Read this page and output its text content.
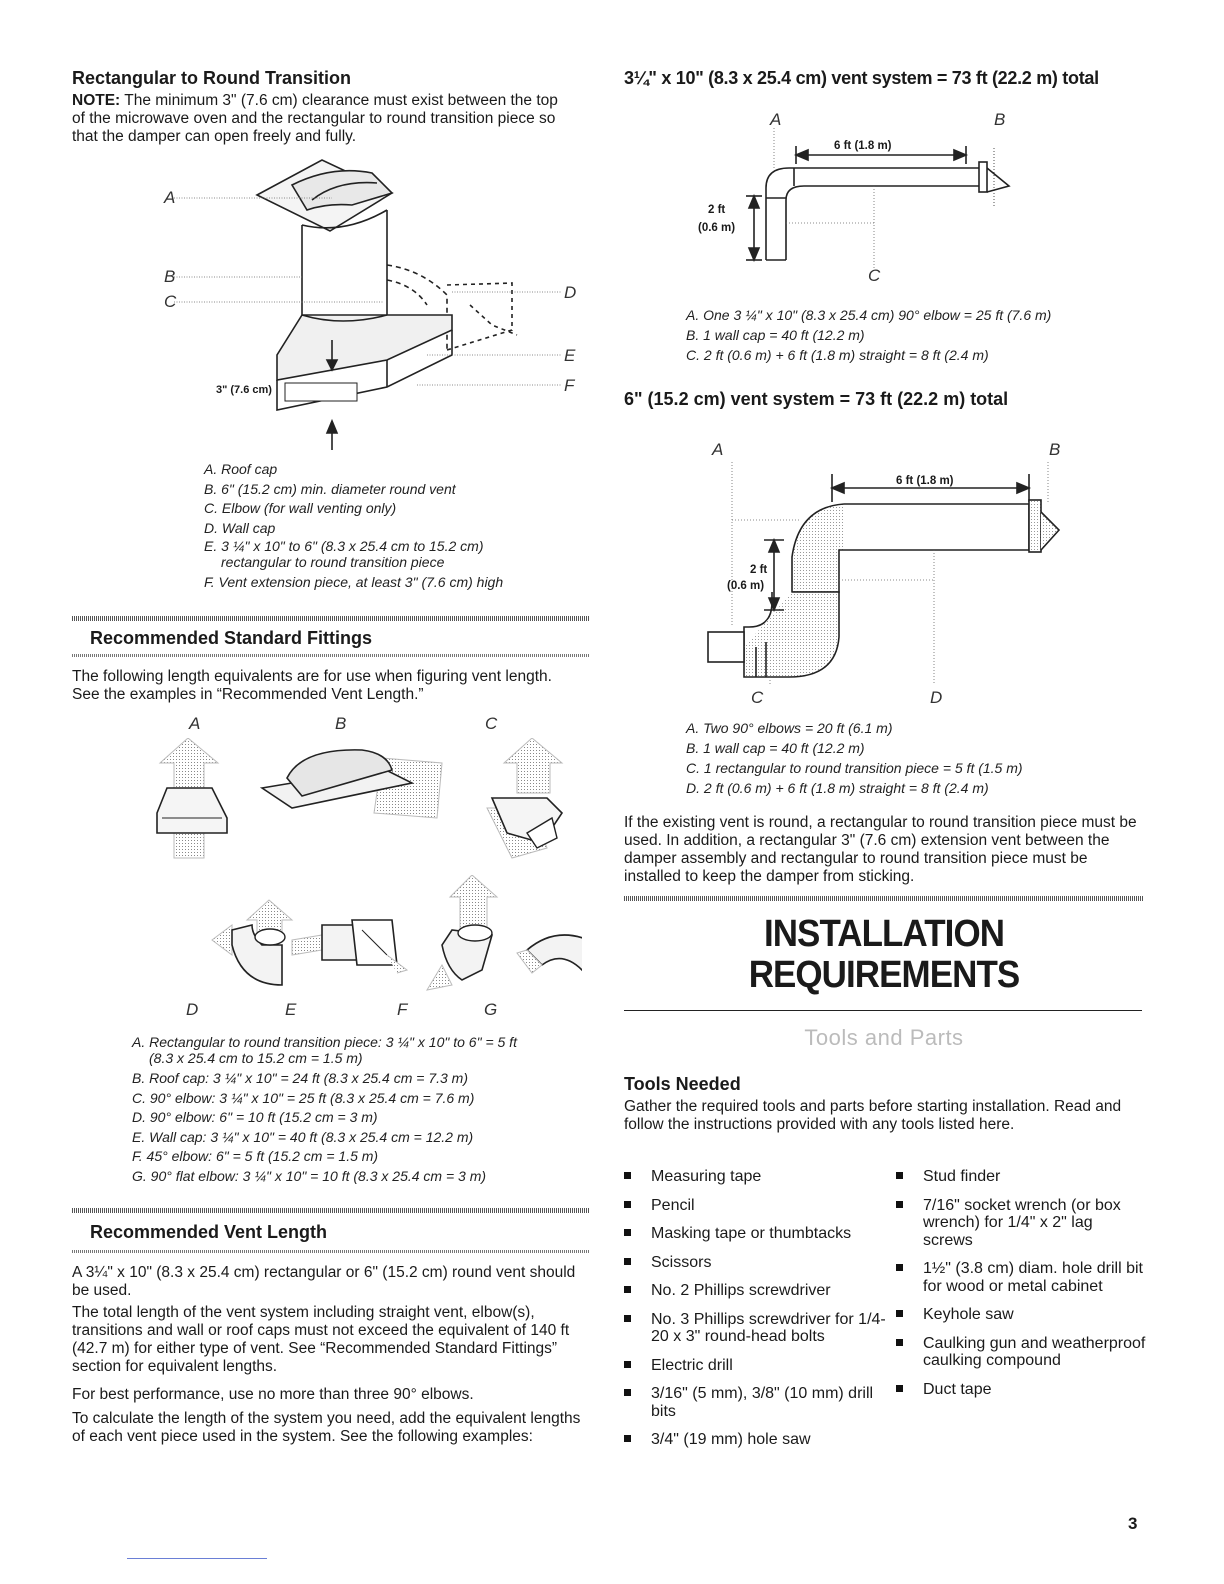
Rectangular to Round Transition

NOTE: The minimum 3" (7.6 cm) clearance must exist between the top of the microwave oven and the rectangular to round transition piece so that the damper can open freely and fully.

A
B
C	D
E
F
3" (7.6 cm)
A. Roof cap
B. 6" (15.2 cm) min. diameter round vent
C. Elbow (for wall venting only)
D. Wall cap
E. 3 ¼" x 10" to 6" (8.3 x 25.4 cm to 15.2 cm)
rectangular to round transition piece
F. Vent extension piece, at least 3" (7.6 cm) high
Recommended Standard Fittings

The following length equivalents are for use when figuring vent length. See the examples in “Recommended Vent Length.”

A	B	C
D	E	F	G
A. Rectangular to round transition piece: 3 ¼" x 10" to 6" = 5 ft
(8.3 x 25.4 cm to 15.2 cm = 1.5 m)
B. Roof cap: 3 ¼" x 10" = 24 ft (8.3 x 25.4 cm = 7.3 m)
C. 90° elbow: 3 ¼" x 10" = 25 ft (8.3 x 25.4 cm = 7.6 m)
D. 90° elbow: 6" = 10 ft (15.2 cm = 3 m)
E. Wall cap: 3 ¼" x 10" = 40 ft (8.3 x 25.4 cm = 12.2 m)
F. 45° elbow: 6" = 5 ft (15.2 cm = 1.5 m)
G. 90° flat elbow: 3 ¼" x 10" = 10 ft (8.3 x 25.4 cm = 3 m)
Recommended Vent Length

A 3¼" x 10" (8.3 x 25.4 cm) rectangular or 6" (15.2 cm) round vent should be used.

The total length of the vent system including straight vent, elbow(s), transitions and wall or roof caps must not exceed the equivalent of 140 ft (42.7 m) for either type of vent. See “Recommended Standard Fittings” section for equivalent lengths.

For best performance, use no more than three 90° elbows.

To calculate the length of the system you need, add the equivalent lengths of each vent piece used in the system. See the following examples:

3¼" x 10" (8.3 x 25.4 cm) vent system = 73 ft (22.2 m) total
A	B
6 ft (1.8 m)
2 ft
(0.6 m)
C
A. One 3 ¼" x 10" (8.3 x 25.4 cm) 90° elbow = 25 ft (7.6 m)
B. 1 wall cap = 40 ft (12.2 m)
C. 2 ft (0.6 m) + 6 ft (1.8 m) straight = 8 ft (2.4 m)
6" (15.2 cm) vent system = 73 ft (22.2 m) total
A	B
6 ft (1.8 m)
2 ft
(0.6 m)
C	D
A. Two 90° elbows = 20 ft (6.1 m)
B. 1 wall cap = 40 ft (12.2 m)
C. 1 rectangular to round transition piece = 5 ft (1.5 m)
D. 2 ft (0.6 m) + 6 ft (1.8 m) straight = 8 ft (2.4 m)

If the existing vent is round, a rectangular to round transition piece must be used. In addition, a rectangular 3" (7.6 cm) extension vent between the damper assembly and rectangular to round transition piece must be installed to keep the damper from sticking.

INSTALLATION
REQUIREMENTS
Tools and Parts
Tools Needed

Gather the required tools and parts before starting installation. Read and follow the instructions provided with any tools listed here.

Measuring tape
Pencil
Masking tape or thumbtacks
Scissors
No. 2 Phillips screwdriver
No. 3 Phillips screwdriver for 1/4-20 x 3" round-head bolts
Electric drill
3/16" (5 mm), 3/8" (10 mm) drill bits
3/4" (19 mm) hole saw
Stud finder
7/16" socket wrench (or box wrench) for 1/4" x 2" lag screws
1½" (3.8 cm) diam. hole drill bit for wood or metal cabinet
Keyhole saw
Caulking gun and weatherproof caulking compound
Duct tape
3
